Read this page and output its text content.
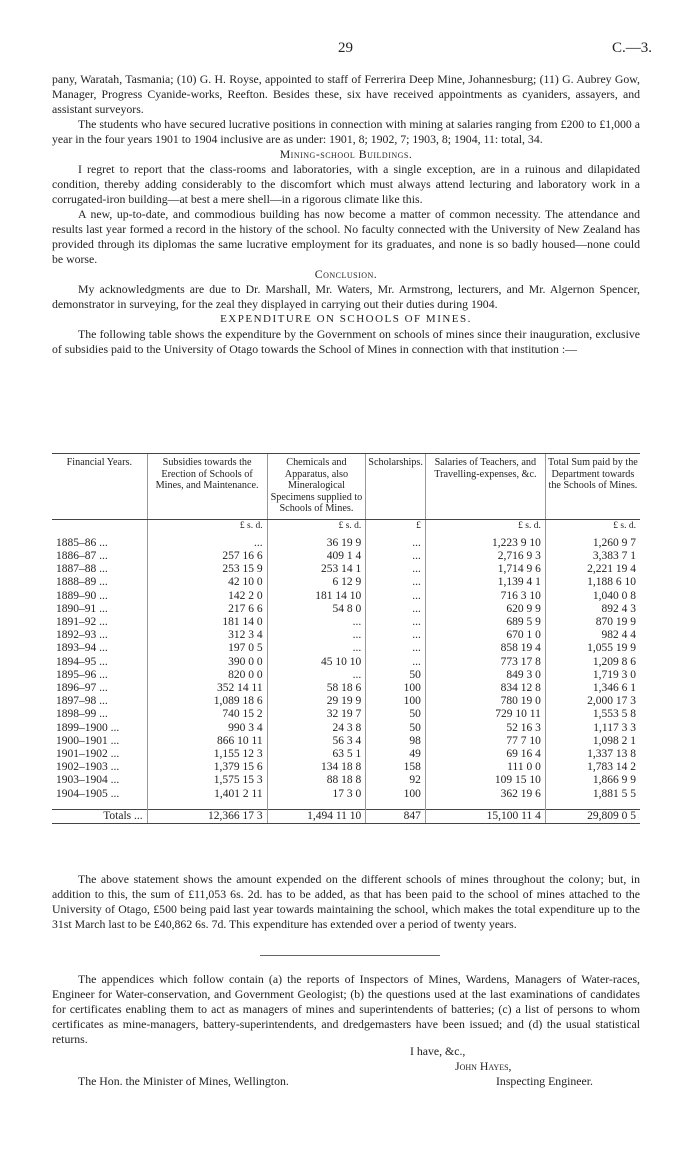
29	C.—3.

pany, Waratah, Tasmania; (10) G. H. Royse, appointed to staff of Ferrerira Deep Mine, Johannesburg; (11) G. Aubrey Gow, Manager, Progress Cyanide-works, Reefton. Besides these, six have received appointments as cyaniders, assayers, and assistant surveyors.

The students who have secured lucrative positions in connection with mining at salaries ranging from £200 to £1,000 a year in the four years 1901 to 1904 inclusive are as under: 1901, 8; 1902, 7; 1903, 8; 1904, 11: total, 34.

Mining-school Buildings.

I regret to report that the class-rooms and laboratories, with a single exception, are in a ruinous and dilapidated condition, thereby adding considerably to the discomfort which must always attend lecturing and laboratory work in a corrugated-iron building—at best a mere shell—in a rigorous climate like this.

A new, up-to-date, and commodious building has now become a matter of common necessity. The attendance and results last year formed a record in the history of the school. No faculty connected with the University of New Zealand has provided through its diplomas the same lucrative employment for its graduates, and none is so badly housed—none could be worse.

Conclusion.

My acknowledgments are due to Dr. Marshall, Mr. Waters, Mr. Armstrong, lecturers, and Mr. Algernon Spencer, demonstrator in surveying, for the zeal they displayed in carrying out their duties during 1904.

EXPENDITURE ON SCHOOLS OF MINES.

The following table shows the expenditure by the Government on schools of mines since their inauguration, exclusive of subsidies paid to the University of Otago towards the School of Mines in connection with that institution :—

Financial Years.	Subsidies towards the Erection of Schools of Mines, and Maintenance.	Chemicals and Apparatus, also Mineralogical Specimens supplied to Schools of Mines.	Scholarships.	Salaries of Teachers, and Travelling-expenses, &c.	Total Sum paid by the Department towards the Schools of Mines.
	£ s. d.	£ s. d.	£	£ s. d.	£ s. d.
1885–86 ...	...	36 19 9	...	1,223 9 10	1,260 9 7
1886–87 ...	257 16 6	409 1 4	...	2,716 9 3	3,383 7 1
1887–88 ...	253 15 9	253 14 1	...	1,714 9 6	2,221 19 4
1888–89 ...	42 10 0	6 12 9	...	1,139 4 1	1,188 6 10
1889–90 ...	142 2 0	181 14 10	...	716 3 10	1,040 0 8
1890–91 ...	217 6 6	54 8 0	...	620 9 9	892 4 3
1891–92 ...	181 14 0	...	...	689 5 9	870 19 9
1892–93 ...	312 3 4	...	...	670 1 0	982 4 4
1893–94 ...	197 0 5	...	...	858 19 4	1,055 19 9
1894–95 ...	390 0 0	45 10 10	...	773 17 8	1,209 8 6
1895–96 ...	820 0 0	...	50	849 3 0	1,719 3 0
1896–97 ...	352 14 11	58 18 6	100	834 12 8	1,346 6 1
1897–98 ...	1,089 18 6	29 19 9	100	780 19 0	2,000 17 3
1898–99 ...	740 15 2	32 19 7	50	729 10 11	1,553 5 8
1899–1900 ...	990 3 4	24 3 8	50	52 16 3	1,117 3 3
1900–1901 ...	866 10 11	56 3 4	98	77 7 10	1,098 2 1
1901–1902 ...	1,155 12 3	63 5 1	49	69 16 4	1,337 13 8
1902–1903 ...	1,379 15 6	134 18 8	158	111 0 0	1,783 14 2
1903–1904 ...	1,575 15 3	88 18 8	92	109 15 10	1,866 9 9
1904–1905 ...	1,401 2 11	17 3 0	100	362 19 6	1,881 5 5
Totals ...	12,366 17 3	1,494 11 10	847	15,100 11 4	29,809 0 5

The above statement shows the amount expended on the different schools of mines throughout the colony; but, in addition to this, the sum of £11,053 6s. 2d. has to be added, as that has been paid to the school of mines attached to the University of Otago, £500 being paid last year towards maintaining the school, which makes the total expenditure up to the 31st March last to be £40,862 6s. 7d. This expenditure has extended over a period of twenty years.

The appendices which follow contain (a) the reports of Inspectors of Mines, Wardens, Managers of Water-races, Engineer for Water-conservation, and Government Geologist; (b) the questions used at the last examinations of candidates for certificates enabling them to act as managers of mines and superintendents of batteries; (c) a list of persons to whom certificates as mine-managers, battery-superintendents, and dredgemasters have been issued; and (d) the usual statistical returns.

I have, &c.,
John Hayes,
The Hon. the Minister of Mines, Wellington.	Inspecting Engineer.
